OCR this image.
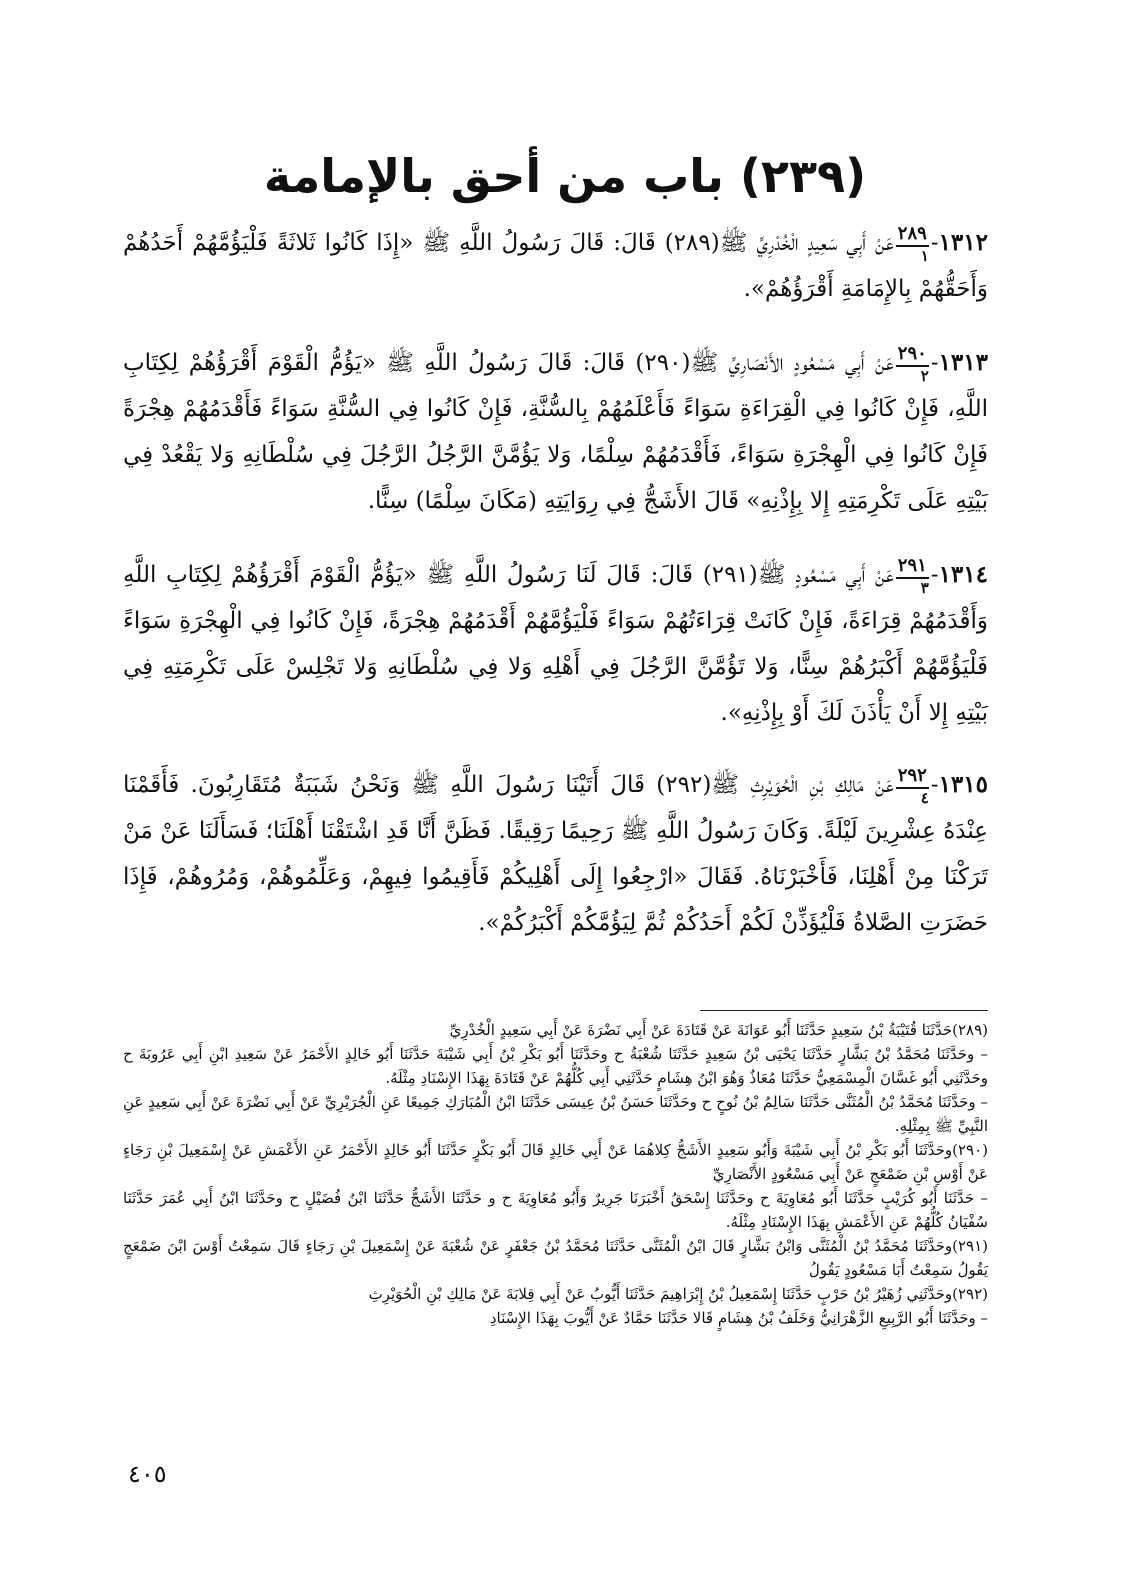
(٢٣٩) باب من أحق بالإمامة
١٣١٢-
$\frac{٢٨٩}{١}$
عَنْ أَبِي سَعِيدٍ الْخُدْرِيِّ ﷺ(٢٨٩) قَالَ: قَالَ رَسُولُ اللَّهِ ﷺ «إِذَا كَانُوا ثَلاثَةً فَلْيَؤُمَّهُمْ أَحَدُهُمْ وَأَحَقُّهُمْ بِالإِمَامَةِ أَقْرَؤُهُمْ».
١٣١٣-
$\frac{٢٩٠}{٢}$
عَنْ أَبِي مَسْعُودٍ الأَنْصَارِيِّ ﷺ(٢٩٠) قَالَ: قَالَ رَسُولُ اللَّهِ ﷺ «يَؤُمُّ الْقَوْمَ أَقْرَؤُهُمْ لِكِتَابِ اللَّهِ، فَإِنْ كَانُوا فِي الْقِرَاءَةِ سَوَاءً فَأَعْلَمُهُمْ بِالسُّنَّةِ، فَإِنْ كَانُوا فِي السُّنَّةِ سَوَاءً فَأَقْدَمُهُمْ هِجْرَةً فَإِنْ كَانُوا فِي الْهِجْرَةِ سَوَاءً، فَأَقْدَمُهُمْ سِلْمًا، وَلا يَؤُمَّنَّ الرَّجُلُ الرَّجُلَ فِي سُلْطَانِهِ وَلا يَقْعُدْ فِي بَيْتِهِ عَلَى تَكْرِمَتِهِ إِلا بِإِذْنِهِ» قَالَ الأَشَجُّ فِي رِوَايَتِهِ (مَكَانَ سِلْمًا) سِنًّا.
١٣١٤-
$\frac{٢٩١}{٣}$
عَنْ أَبِي مَسْعُودٍ ﷺ(٢٩١) قَالَ: قَالَ لَنَا رَسُولُ اللَّهِ ﷺ «يَؤُمُّ الْقَوْمَ أَقْرَؤُهُمْ لِكِتَابِ اللَّهِ وَأَقْدَمُهُمْ قِرَاءَةً، فَإِنْ كَانَتْ قِرَاءَتُهُمْ سَوَاءً فَلْيَؤُمَّهُمْ أَقْدَمُهُمْ هِجْرَةً، فَإِنْ كَانُوا فِي الْهِجْرَةِ سَوَاءً فَلْيَؤُمَّهُمْ أَكْبَرُهُمْ سِنًّا، وَلا تَؤُمَّنَّ الرَّجُلَ فِي أَهْلِهِ وَلا فِي سُلْطَانِهِ وَلا تَجْلِسْ عَلَى تَكْرِمَتِهِ فِي بَيْتِهِ إِلا أَنْ يَأْذَنَ لَكَ أَوْ بِإِذْنِهِ».
١٣١٥-
$\frac{٢٩٢}{٤}$
عَنْ مَالِكِ بْنِ الْحُوَيْرِثِ ﷺ(٢٩٢) قَالَ أَتَيْنَا رَسُولَ اللَّهِ ﷺ وَنَحْنُ شَبَبَةٌ مُتَقَارِبُونَ. فَأَقَمْنَا عِنْدَهُ عِشْرِينَ لَيْلَةً. وَكَانَ رَسُولُ اللَّهِ ﷺ رَحِيمًا رَقِيقًا. فَظَنَّ أَنَّا قَدِ اشْتَقْنَا أَهْلَنَا؛ فَسَأَلَنَا عَنْ مَنْ تَرَكْنَا مِنْ أَهْلِنَا، فَأَخْبَرْنَاهُ. فَقَالَ «ارْجِعُوا إِلَى أَهْلِيكُمْ فَأَقِيمُوا فِيهِمْ، وَعَلِّمُوهُمْ، وَمُرُوهُمْ، فَإِذَا حَضَرَتِ الصَّلاةُ فَلْيُؤَذِّنْ لَكُمْ أَحَدُكُمْ ثُمَّ لِيَؤُمَّكُمْ أَكْبَرُكُمْ».

(٢٨٩)حَدَّثَنَا قُتَيْبَةُ بْنُ سَعِيدٍ حَدَّثَنَا أَبُو عَوَانَةَ عَنْ قَتَادَةَ عَنْ أَبِي نَضْرَةَ عَنْ أَبِي سَعِيدٍ الْخُدْرِيِّ

– وحَدَّثَنَا مُحَمَّدُ بْنُ بَشَّارٍ حَدَّثَنَا يَحْيَى بْنُ سَعِيدٍ حَدَّثَنَا شُعْبَةُ ح وحَدَّثَنَا أَبُو بَكْرِ بْنُ أَبِي شَيْبَةَ حَدَّثَنَا أَبُو خَالِدٍ الأَحْمَرُ عَنْ سَعِيدِ ابْنِ أَبِي عَرُوبَةَ ح وحَدَّثَنِي أَبُو غَسَّانَ الْمِسْمَعِيُّ حَدَّثَنَا مُعَاذٌ وَهُوَ ابْنُ هِشَامٍ حَدَّثَنِي أَبِي كُلُّهُمْ عَنْ قَتَادَةَ بِهَذَا الإِسْنَادِ مِثْلَهُ.

– وحَدَّثَنَا مُحَمَّدُ بْنُ الْمُثَنَّى حَدَّثَنَا سَالِمُ بْنُ نُوحٍ ح وحَدَّثَنَا حَسَنُ بْنُ عِيسَى حَدَّثَنَا ابْنُ الْمُبَارَكِ جَمِيعًا عَنِ الْجُرَيْرِيِّ عَنْ أَبِي نَضْرَةَ عَنْ أَبِي سَعِيدٍ عَنِ النَّبِيِّ ﷺ بِمِثْلِهِ.

(٢٩٠)وحَدَّثَنَا أَبُو بَكْرِ بْنُ أَبِي شَيْبَةَ وَأَبُو سَعِيدٍ الأَشَجُّ كِلاهُمَا عَنْ أَبِي خَالِدٍ قَالَ أَبُو بَكْرٍ حَدَّثَنَا أَبُو خَالِدٍ الأَحْمَرُ عَنِ الأَعْمَشِ عَنْ إِسْمَعِيلَ بْنِ رَجَاءٍ عَنْ أَوْسِ بْنِ ضَمْعَجٍ عَنْ أَبِي مَسْعُودٍ الأَنْصَارِيِّ

– حَدَّثَنَا أَبُو كُرَيْبٍ حَدَّثَنَا أَبُو مُعَاوِيَةَ ح وحَدَّثَنَا إِسْحَقُ أَخْبَرَنَا جَرِيرٌ وَأَبُو مُعَاوِيَةَ ح و حَدَّثَنَا الأَشَجُّ حَدَّثَنَا ابْنُ فُضَيْلٍ ح وحَدَّثَنَا ابْنُ أَبِي عُمَرَ حَدَّثَنَا سُفْيَانُ كُلُّهُمْ عَنِ الأَعْمَشِ بِهَذَا الإِسْنَادِ مِثْلَهُ.

(٢٩١)وحَدَّثَنَا مُحَمَّدُ بْنُ الْمُثَنَّى وَابْنُ بَشَّارٍ قَالَ ابْنُ الْمُثَنَّى حَدَّثَنَا مُحَمَّدُ بْنُ جَعْفَرٍ عَنْ شُعْبَةَ عَنْ إِسْمَعِيلَ بْنِ رَجَاءٍ قَالَ سَمِعْتُ أَوْسَ ابْنَ ضَمْعَجٍ يَقُولُ سَمِعْتُ أَبَا مَسْعُودٍ يَقُولُ

(٢٩٢)وحَدَّثَنِي زُهَيْرُ بْنُ حَرْبٍ حَدَّثَنَا إِسْمَعِيلُ بْنُ إِبْرَاهِيمَ حَدَّثَنَا أَيُّوبُ عَنْ أَبِي قِلابَةَ عَنْ مَالِكِ بْنِ الْحُوَيْرِثِ

– وحَدَّثَنَا أَبُو الرَّبِيعِ الزَّهْرَانِيُّ وَخَلَفُ بْنُ هِشَامٍ قَالا حَدَّثَنَا حَمَّادٌ عَنْ أَيُّوبَ بِهَذَا الإِسْنَادِ

٤٠٥
